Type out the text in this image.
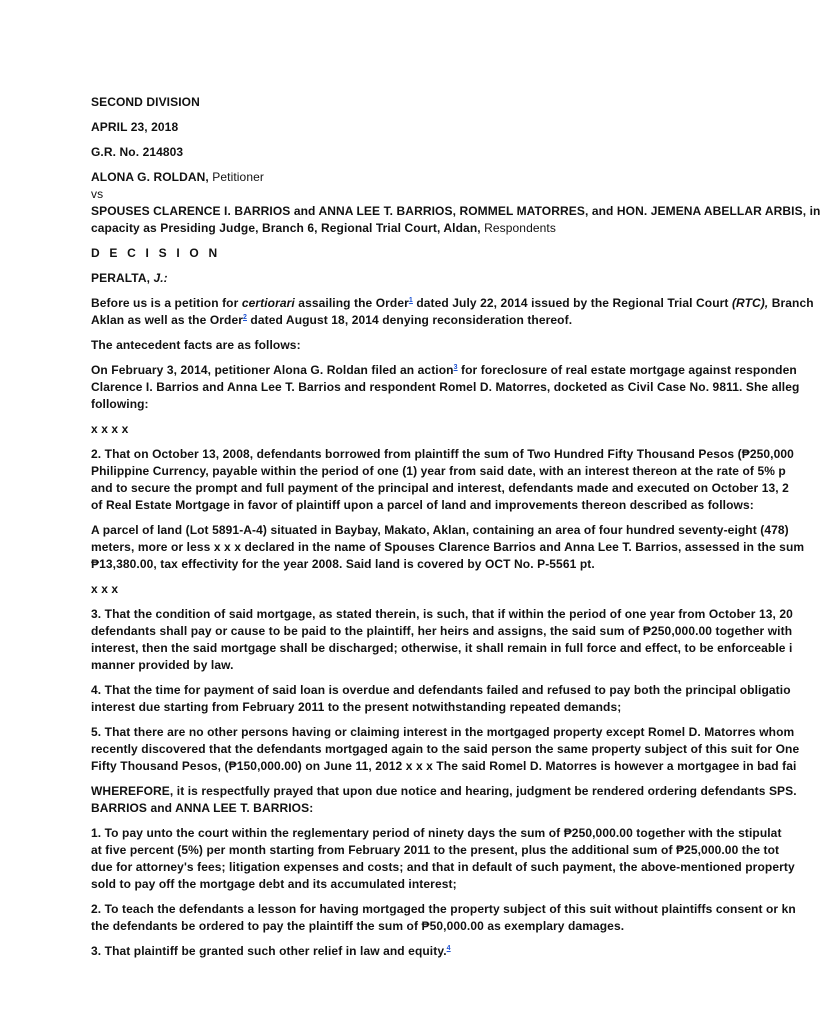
SECOND DIVISION
APRIL 23, 2018
G.R. No. 214803
ALONA G. ROLDAN, Petitioner
vs
SPOUSES CLARENCE I. BARRIOS and ANNA LEE T. BARRIOS, ROMMEL MATORRES, and HON. JEMENA ABELLAR ARBIS, in
capacity as Presiding Judge, Branch 6, Regional Trial Court, Aldan, Respondents
D E C I S I O N
PERALTA, J.:
Before us is a petition for certiorari assailing the Order$^1$ dated July 22, 2014 issued by the Regional Trial Court (RTC), Branch
Aklan as well as the Order$^2$ dated August 18, 2014 denying reconsideration thereof.
The antecedent facts are as follows:
On February 3, 2014, petitioner Alona G. Roldan filed an action$^3$ for foreclosure of real estate mortgage against responden
Clarence I. Barrios and Anna Lee T. Barrios and respondent Romel D. Matorres, docketed as Civil Case No. 9811. She alleg
following:
x x x x
2. That on October 13, 2008, defendants borrowed from plaintiff the sum of Two Hundred Fifty Thousand Pesos (₱250,000
Philippine Currency, payable within the period of one (1) year from said date, with an interest thereon at the rate of 5% p
and to secure the prompt and full payment of the principal and interest, defendants made and executed on October 13, 2
of Real Estate Mortgage in favor of plaintiff upon a parcel of land and improvements thereon described as follows:
A parcel of land (Lot 5891-A-4) situated in Baybay, Makato, Aklan, containing an area of four hundred seventy-eight (478)
meters, more or less x x x declared in the name of Spouses Clarence Barrios and Anna Lee T. Barrios, assessed in the sum
₱13,380.00, tax effectivity for the year 2008. Said land is covered by OCT No. P-5561 pt.
x x x
3. That the condition of said mortgage, as stated therein, is such, that if within the period of one year from October 13, 20
defendants shall pay or cause to be paid to the plaintiff, her heirs and assigns, the said sum of ₱250,000.00 together with
interest, then the said mortgage shall be discharged; otherwise, it shall remain in full force and effect, to be enforceable i
manner provided by law.
4. That the time for payment of said loan is overdue and defendants failed and refused to pay both the principal obligatio
interest due starting from February 2011 to the present notwithstanding repeated demands;
5. That there are no other persons having or claiming interest in the mortgaged property except Romel D. Matorres whom
recently discovered that the defendants mortgaged again to the said person the same property subject of this suit for One
Fifty Thousand Pesos, (₱150,000.00) on June 11, 2012 x x x The said Romel D. Matorres is however a mortgagee in bad fai
WHEREFORE, it is respectfully prayed that upon due notice and hearing, judgment be rendered ordering defendants SPS.
BARRIOS and ANNA LEE T. BARRIOS:
1. To pay unto the court within the reglementary period of ninety days the sum of ₱250,000.00 together with the stipulat
at five percent (5%) per month starting from February 2011 to the present, plus the additional sum of ₱25,000.00 the tot
due for attorney's fees; litigation expenses and costs; and that in default of such payment, the above-mentioned property
sold to pay off the mortgage debt and its accumulated interest;
2. To teach the defendants a lesson for having mortgaged the property subject of this suit without plaintiffs consent or kn
the defendants be ordered to pay the plaintiff the sum of ₱50,000.00 as exemplary damages.
3. That plaintiff be granted such other relief in law and equity.$^4$
